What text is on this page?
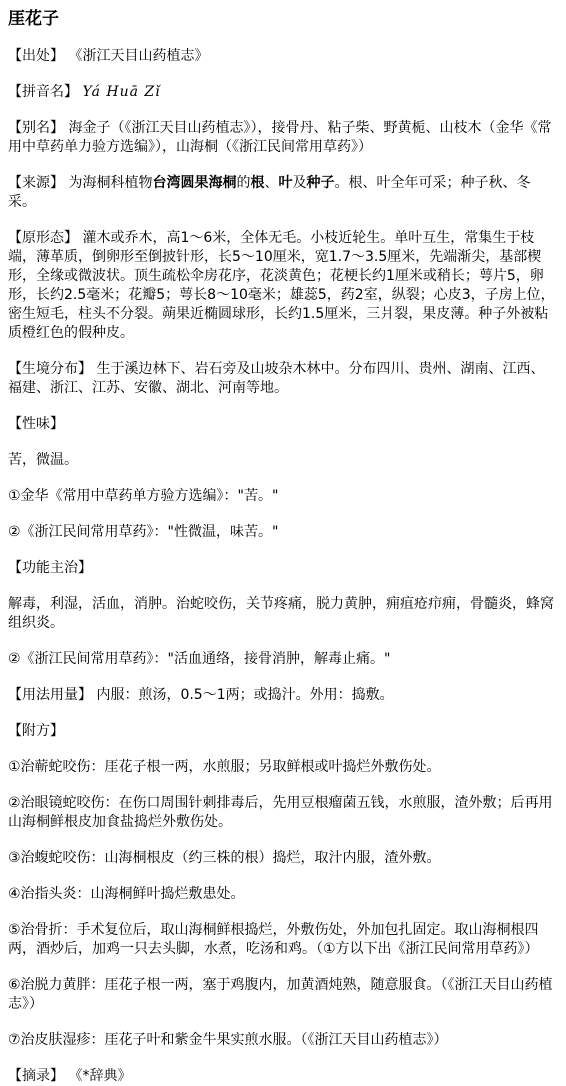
厓花子
【出处】 《浙江天目山药植志》
【拼音名】 Yá Huā Zǐ
【别名】 海金子（《浙江天目山药植志》），接骨丹、粘子柴、野黄栀、山枝木（金华《常用中草药单力验方选编》），山海桐（《浙江民间常用草药》）
【来源】 为海桐科植物台湾圆果海桐的根、叶及种子。根、叶全年可采；种子秋、冬采。
【原形态】 灌木或乔木，高1～6米，全体无毛。小枝近轮生。单叶互生，常集生于枝端，薄革质，倒卵形至倒披针形，长5～10厘米，宽1.7～3.5厘米，先端渐尖，基部楔形，全缘或微波状。顶生疏松伞房花序，花淡黄色；花梗长约1厘米或稍长；萼片5，卵形，长约2.5毫米；花瓣5；萼长8～10毫米；雄蕊5，药2室，纵裂；心皮3，子房上位，密生短毛，柱头不分裂。蒴果近椭圆球形，长约1.5厘米，三爿裂，果皮薄。种子外被粘质橙红色的假种皮。
【生境分布】 生于溪边林下、岩石旁及山坡杂木林中。分布四川、贵州、湖南、江西、福建、浙江、江苏、安徽、湖北、河南等地。
【性味】
苦，微温。
①金华《常用中草药单方验方选编》："苦。"
②《浙江民间常用草药》："性微温，味苦。"
【功能主治】
解毒，利湿，活血，消肿。治蛇咬伤，关节疼痛，脱力黄肿，痈疽疮疖痈，骨髓炎，蜂窝组织炎。
②《浙江民间常用草药》："活血通络，接骨消肿，解毒止痛。"
【用法用量】 内服：煎汤，0.5～1两；或捣汁。外用：捣敷。
【附方】
①治蕲蛇咬伤：厓花子根一两，水煎服；另取鲜根或叶捣烂外敷伤处。
②治眼镜蛇咬伤：在伤口周围针刺排毒后，先用豆根瘤菌五钱，水煎服，渣外敷；后再用山海桐鲜根皮加食盐捣烂外敷伤处。
③治蝮蛇咬伤：山海桐根皮（约三株的根）捣烂，取汁内服，渣外敷。
④治指头炎：山海桐鲜叶捣烂敷患处。
⑤治骨折：手术复位后，取山海桐鲜根捣烂，外敷伤处，外加包扎固定。取山海桐根四两，酒炒后，加鸡一只去头脚，水煮，吃汤和鸡。（①方以下出《浙江民间常用草药》）
⑥治脱力黄胖：厓花子根一两，塞于鸡腹内，加黄酒炖熟，随意服食。（《浙江天目山药植志》）
⑦治皮肤湿疹：厓花子叶和紫金牛果实煎水服。（《浙江天目山药植志》）
【摘录】 《*辞典》
